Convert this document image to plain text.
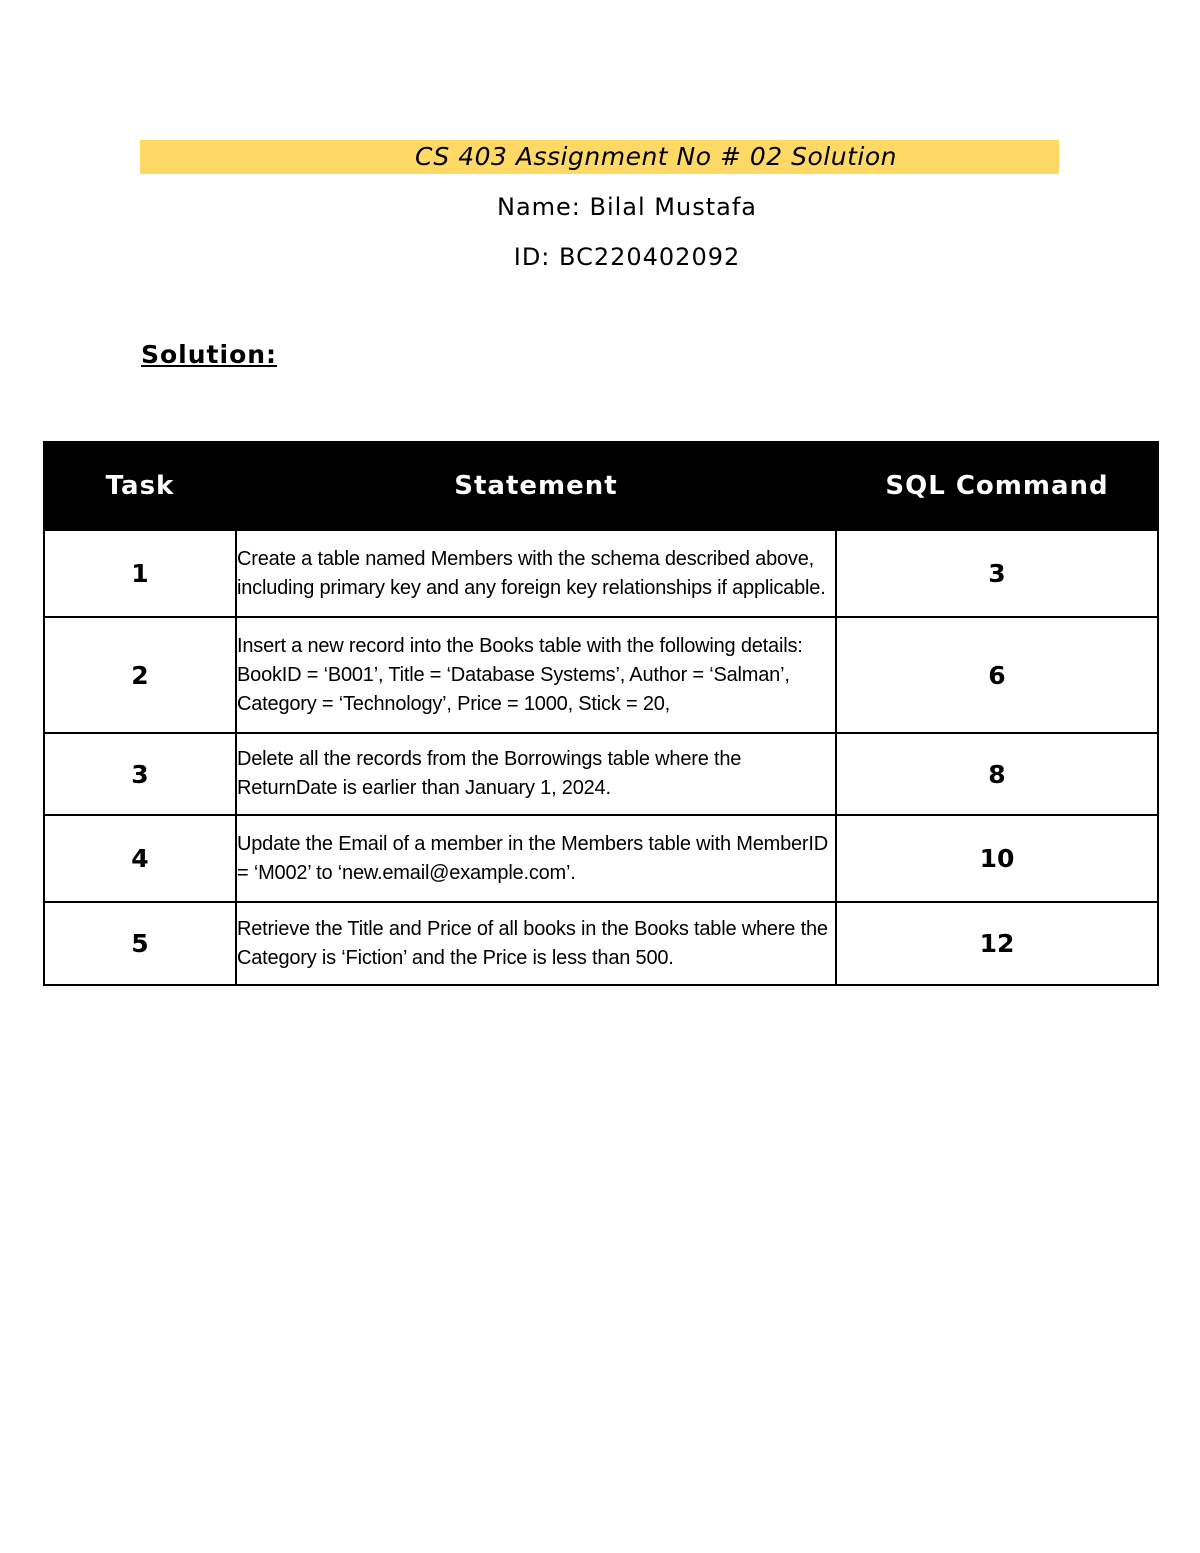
CS 403 Assignment No # 02 Solution
Name: Bilal Mustafa
ID: BC220402092
Solution:
Task	Statement	SQL Command
1	Create a table named Members with the schema described above, including primary key and any foreign key relationships if applicable.	3
2	Insert a new record into the Books table with the following details: BookID = ‘B001’, Title = ‘Database Systems’, Author = ‘Salman’, Category = ‘Technology’, Price = 1000, Stick = 20,	6
3	Delete all the records from the Borrowings table where the ReturnDate is earlier than January 1, 2024.	8
4	Update the Email of a member in the Members table with MemberID = ‘M002’ to ‘new.email@example.com’.	10
5	Retrieve the Title and Price of all books in the Books table where the Category is ‘Fiction’ and the Price is less than 500.	12
